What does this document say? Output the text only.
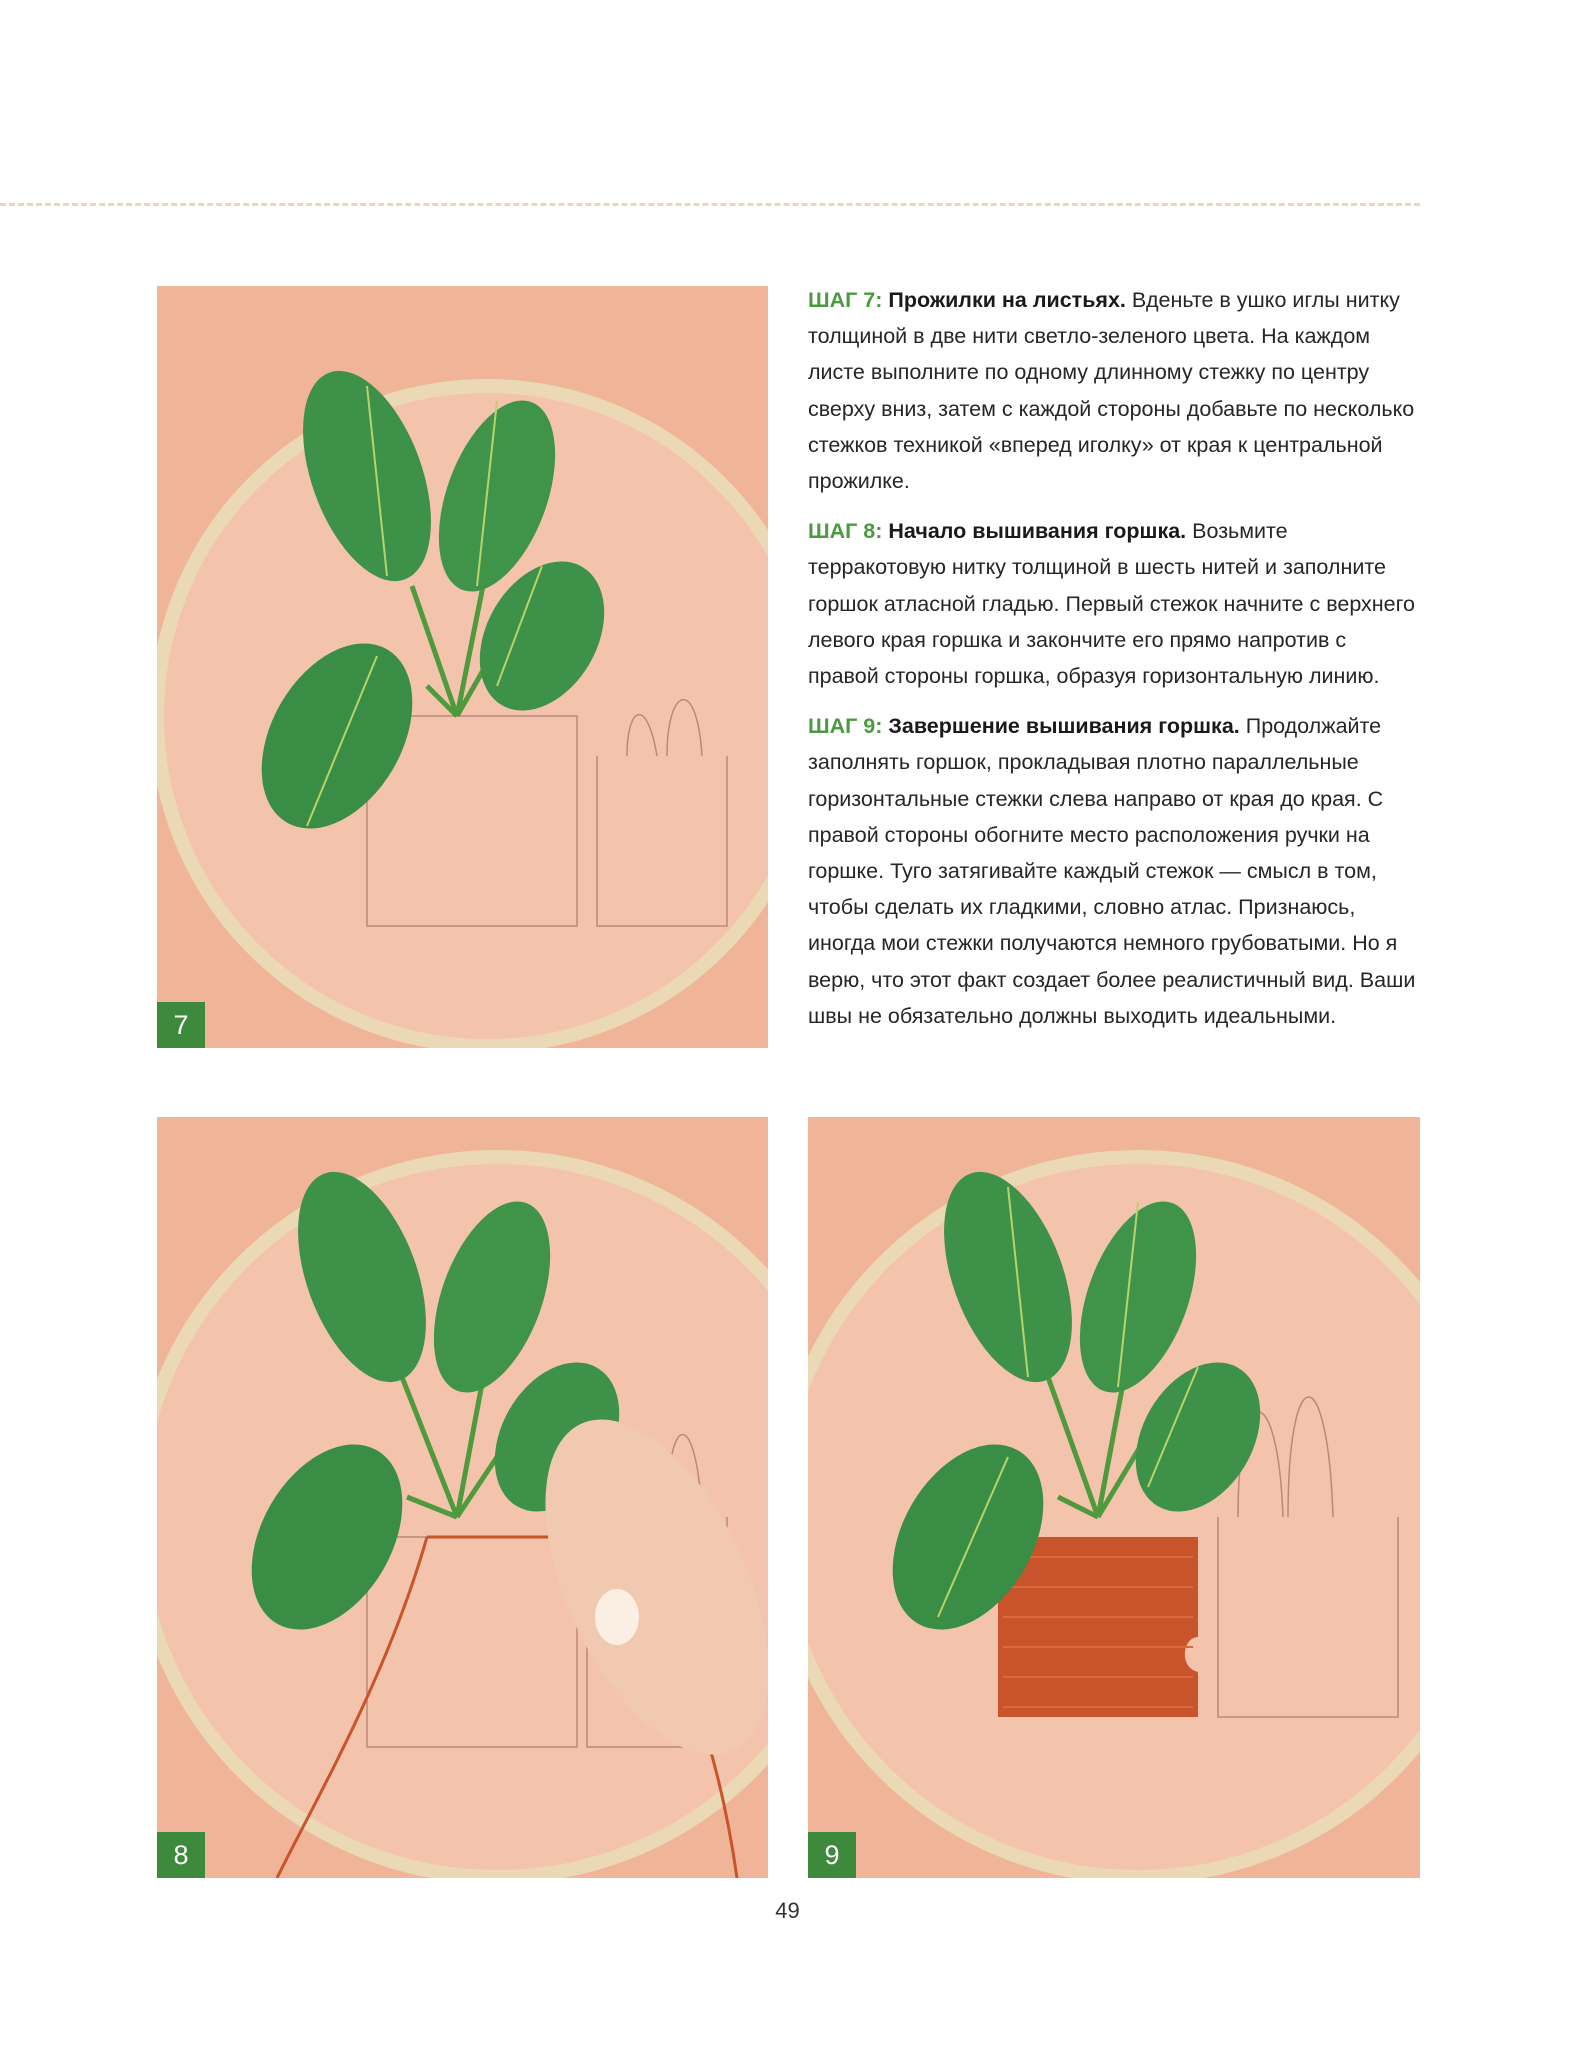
ШАГ 7: Прожилки на листьях. Вденьте в ушко иглы нитку толщиной в две нити светло-зеленого цвета. На каждом листе выполните по одному длинному стежку по центру сверху вниз, затем с каждой стороны добавьте по несколько стежков техникой «вперед иголку» от края к центральной прожилке.

ШАГ 8: Начало вышивания горшка. Возьмите терракотовую нитку толщиной в шесть нитей и заполните горшок атласной гладью. Первый стежок начните с верхнего левого края горшка и закончите его прямо напротив с правой стороны горшка, образуя горизонтальную линию.

ШАГ 9: Завершение вышивания горшка. Продолжайте заполнять горшок, прокладывая плотно параллельные горизонтальные стежки слева направо от края до края. С правой стороны обогните место расположения ручки на горшке. Туго затягивайте каждый стежок — смысл в том, чтобы сделать их гладкими, словно атлас. Признаюсь, иногда мои стежки получаются немного грубоватыми. Но я верю, что этот факт создает более реалистичный вид. Ваши швы не обязательно должны выходить идеальными.

7
8	9
49
